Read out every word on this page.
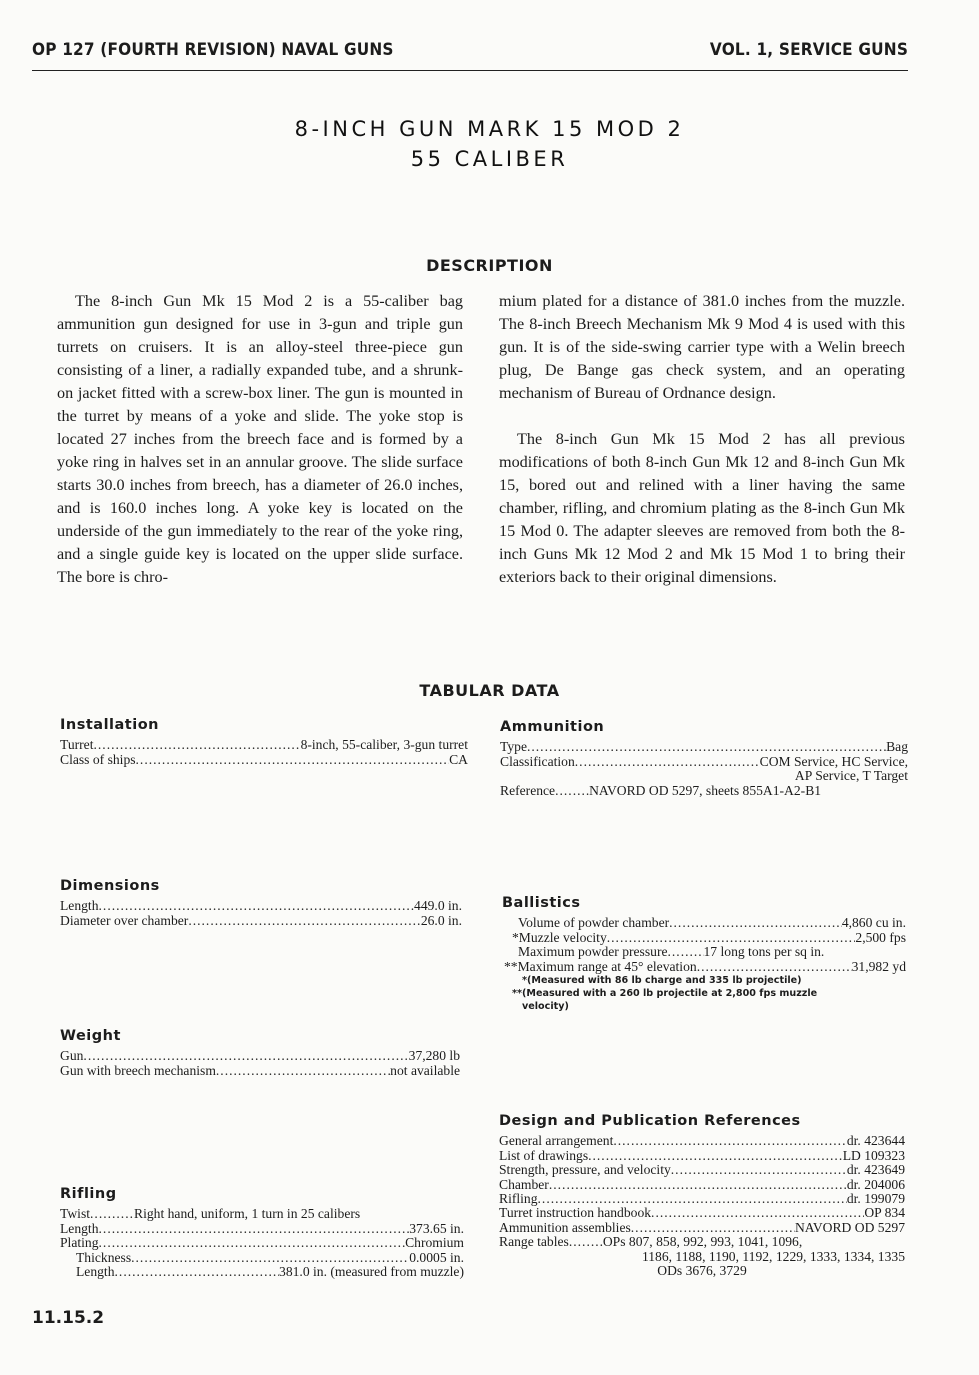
OP 127 (FOURTH REVISION) NAVAL GUNS	VOL. 1, SERVICE GUNS
8-INCH GUN MARK 15 MOD 2
55 CALIBER
DESCRIPTION

The 8-inch Gun Mk 15 Mod 2 is a 55-caliber bag ammunition gun designed for use in 3-gun and triple gun turrets on cruisers. It is an alloy-steel three-piece gun consisting of a liner, a radially expanded tube, and a shrunk-on jacket fitted with a screw-box liner. The gun is mounted in the turret by means of a yoke and slide. The yoke stop is located 27 inches from the breech face and is formed by a yoke ring in halves set in an annular groove. The slide surface starts 30.0 inches from breech, has a diameter of 26.0 inches, and is 160.0 inches long. A yoke key is located on the underside of the gun immediately to the rear of the yoke ring, and a single guide key is located on the upper slide surface. The bore is chro-

mium plated for a distance of 381.0 inches from the muzzle. The 8-inch Breech Mechanism Mk 9 Mod 4 is used with this gun. It is of the side-swing carrier type with a Welin breech plug, De Bange gas check system, and an operating mechanism of Bureau of Ordnance design.

The 8-inch Gun Mk 15 Mod 2 has all previous modifications of both 8-inch Gun Mk 12 and 8-inch Gun Mk 15, bored out and relined with a liner having the same chamber, rifling, and chromium plating as the 8-inch Gun Mk 15 Mod 0. The adapter sleeves are removed from both the 8-inch Guns Mk 12 Mod 2 and Mk 15 Mod 1 to bring their exteriors back to their original dimensions.

TABULAR DATA
Installation
Turret .....	8-inch, 55-caliber, 3-gun turret
Class of ships .....	CA
Ammunition
Type .....	Bag
Classification .....	COM Service, HC Service,
AP Service, T Target
Reference .....	NAVORD OD 5297, sheets 855A1-A2-B1
Dimensions
Length .....	449.0 in.
Diameter over chamber .....	26.0 in.
Ballistics
Volume of powder chamber .....	4,860 cu in.
*Muzzle velocity .....	2,500 fps
Maximum powder pressure .....	17 long tons per sq in.
**Maximum range at 45° elevation .....	31,982 yd
*(Measured with 86 lb charge and 335 lb projectile)
**(Measured with a 260 lb projectile at 2,800 fps muzzle
velocity)
Weight
Gun .....	37,280 lb
Gun with breech mechanism .....	not available
Design and Publication References
General arrangement .....	dr. 423644
List of drawings .....	LD 109323
Strength, pressure, and velocity .....	dr. 423649
Chamber .....	dr. 204006
Rifling .....	dr. 199079
Turret instruction handbook .....	OP 834
Ammunition assemblies .....	NAVORD OD 5297
Range tables .....	OPs 807, 858, 992, 993, 1041, 1096,
1186, 1188, 1190, 1192, 1229, 1333, 1334, 1335
ODs 3676, 3729
Rifling
Twist .....	Right hand, uniform, 1 turn in 25 calibers
Length .....	373.65 in.
Plating .....	Chromium
Thickness .....	0.0005 in.
Length .....	381.0 in. (measured from muzzle)
11.15.2
